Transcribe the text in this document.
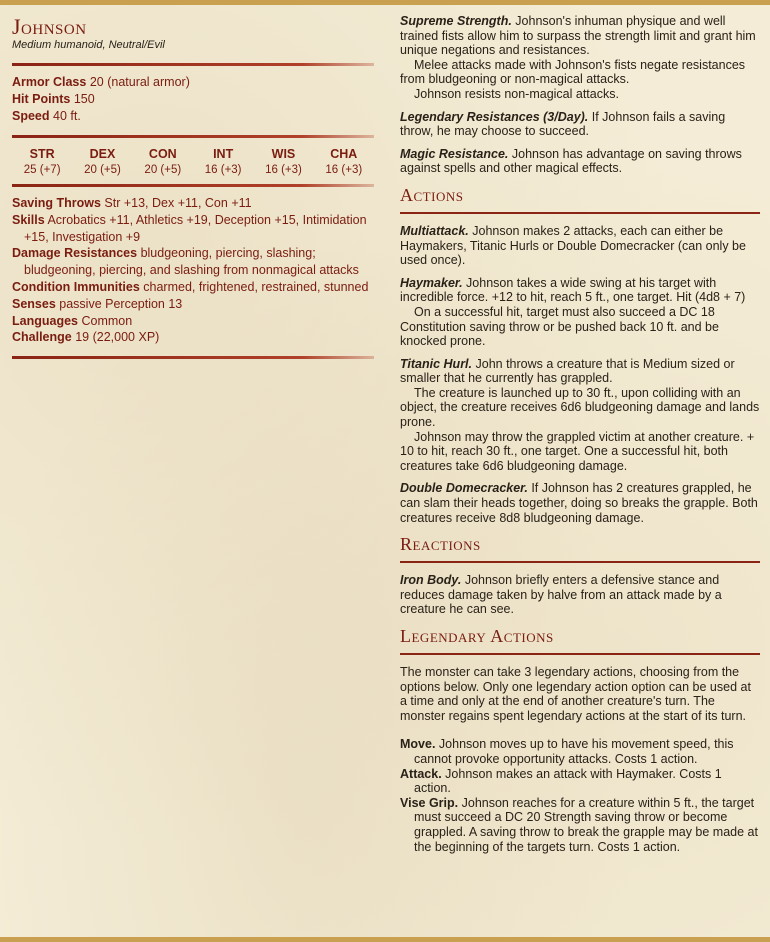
Johnson
Medium humanoid, Neutral/Evil
Armor Class 20 (natural armor)
Hit Points 150
Speed 40 ft.
STR
25 (+7)
DEX
20 (+5)
CON
20 (+5)
INT
16 (+3)
WIS
16 (+3)
CHA
16 (+3)
Saving Throws Str +13, Dex +11, Con +11
Skills Acrobatics +11, Athletics +19, Deception +15, Intimidation +15, Investigation +9
Damage Resistances bludgeoning, piercing, slashing; bludgeoning, piercing, and slashing from nonmagical attacks
Condition Immunities charmed, frightened, restrained, stunned
Senses passive Perception 13
Languages Common
Challenge 19 (22,000 XP)
Supreme Strength. Johnson's inhuman physique and well trained fists allow him to surpass the strength limit and grant him unique negations and resistances.
Melee attacks made with Johnson's fists negate resistances from bludgeoning or non-magical attacks.
Johnson resists non-magical attacks.
Legendary Resistances (3/Day). If Johnson fails a saving throw, he may choose to succeed.
Magic Resistance. Johnson has advantage on saving throws against spells and other magical effects.
Actions
Multiattack. Johnson makes 2 attacks, each can either be Haymakers, Titanic Hurls or Double Domecracker (can only be used once).
Haymaker. Johnson takes a wide swing at his target with incredible force. +12 to hit, reach 5 ft., one target. Hit (4d8 + 7)
On a successful hit, target must also succeed a DC 18 Constitution saving throw or be pushed back 10 ft. and be knocked prone.
Titanic Hurl. John throws a creature that is Medium sized or smaller that he currently has grappled.
The creature is launched up to 30 ft., upon colliding with an object, the creature receives 6d6 bludgeoning damage and lands prone.
Johnson may throw the grappled victim at another creature. + 10 to hit, reach 30 ft., one target. One a successful hit, both creatures take 6d6 bludgeoning damage.
Double Domecracker. If Johnson has 2 creatures grappled, he can slam their heads together, doing so breaks the grapple. Both creatures receive 8d8 bludgeoning damage.
Reactions
Iron Body. Johnson briefly enters a defensive stance and reduces damage taken by halve from an attack made by a creature he can see.
Legendary Actions
The monster can take 3 legendary actions, choosing from the options below. Only one legendary action option can be used at a time and only at the end of another creature's turn. The monster regains spent legendary actions at the start of its turn.
Move. Johnson moves up to have his movement speed, this cannot provoke opportunity attacks. Costs 1 action.
Attack. Johnson makes an attack with Haymaker. Costs 1 action.
Vise Grip. Johnson reaches for a creature within 5 ft., the target must succeed a DC 20 Strength saving throw or become grappled. A saving throw to break the grapple may be made at the beginning of the targets turn. Costs 1 action.
